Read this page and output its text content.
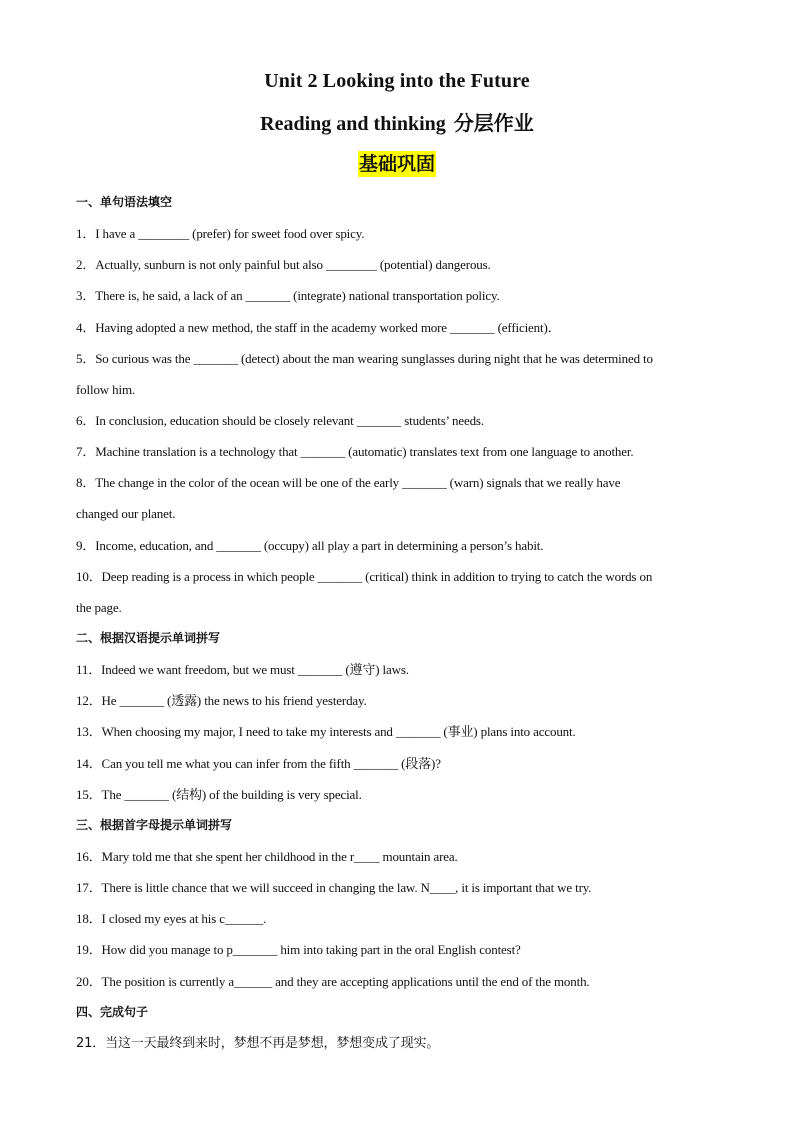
Unit 2 Looking into the Future
Reading and thinking 分层作业
基础巩固
一、单句语法填空
1．I have a ________ (prefer) for sweet food over spicy.
2．Actually, sunburn is not only painful but also ________ (potential) dangerous.
3．There is, he said, a lack of an _______ (integrate) national transportation policy.
4．Having adopted a new method, the staff in the academy worked more _______ (efficient)．
5．So curious was the _______ (detect) about the man wearing sunglasses during night that he was determined to
follow him.
6．In conclusion, education should be closely relevant _______ students’ needs.
7．Machine translation is a technology that _______ (automatic) translates text from one language to another.
8．The change in the color of the ocean will be one of the early _______ (warn) signals that we really have
changed our planet.
9．Income, education, and _______ (occupy) all play a part in determining a person’s habit.
10．Deep reading is a process in which people _______ (critical) think in addition to trying to catch the words on
the page.
二、根据汉语提示单词拼写
11．Indeed we want freedom, but we must _______ (遵守) laws.
12．He _______ (透露) the news to his friend yesterday.
13．When choosing my major, I need to take my interests and _______ (事业) plans into account.
14．Can you tell me what you can infer from the fifth _______ (段落)?
15．The _______ (结构) of the building is very special.
三、根据首字母提示单词拼写
16．Mary told me that she spent her childhood in the r____ mountain area.
17．There is little chance that we will succeed in changing the law. N____, it is important that we try.
18．I closed my eyes at his c______.
19．How did you manage to p_______ him into taking part in the oral English contest?
20．The position is currently a______ and they are accepting applications until the end of the month.
四、完成句子
21．当这一天最终到来时，梦想不再是梦想，梦想变成了现实。
